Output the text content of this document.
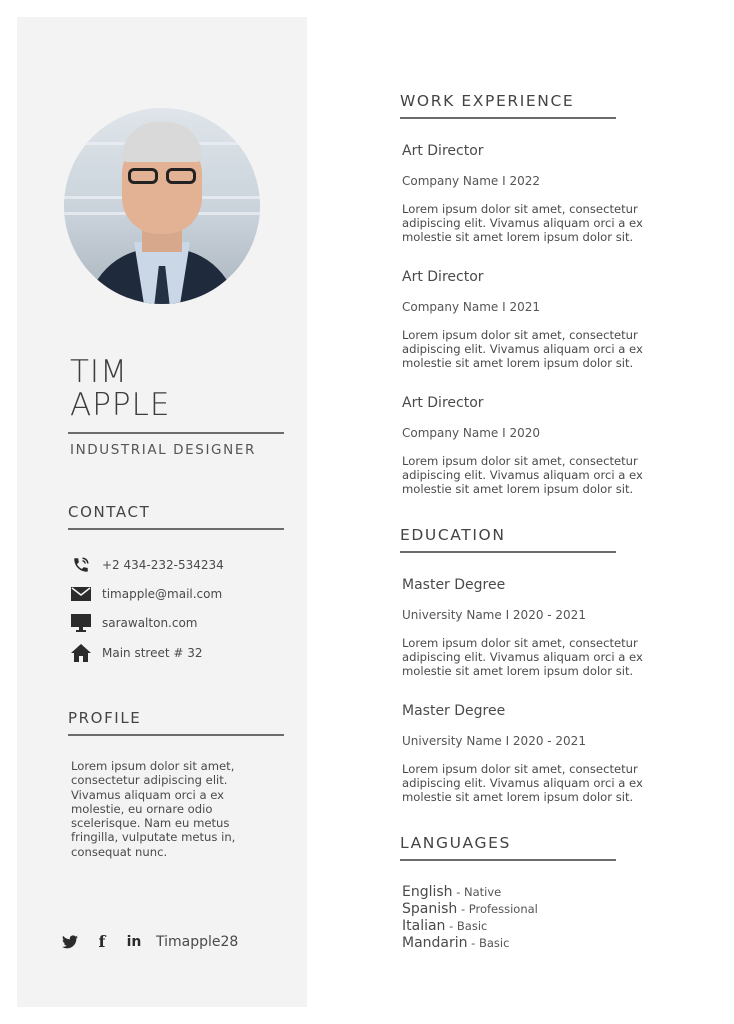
TIM
APPLE
INDUSTRIAL DESIGNER
CONTACT
+2 434-232-534234
timapple@mail.com
sarawalton.com
Main street # 32
PROFILE
Lorem ipsum dolor sit amet, consectetur adipiscing elit. Vivamus aliquam orci a ex molestie, eu ornare odio scelerisque. Nam eu metus fringilla, vulputate metus in, consequat nunc.
f	in Timapple28
WORK EXPERIENCE
Art Director
Company Name I 2022
Lorem ipsum dolor sit amet, consectetur adipiscing elit. Vivamus aliquam orci a ex molestie sit amet lorem ipsum dolor sit.
Art Director
Company Name I 2021
Lorem ipsum dolor sit amet, consectetur adipiscing elit. Vivamus aliquam orci a ex molestie sit amet lorem ipsum dolor sit.
Art Director
Company Name I 2020
Lorem ipsum dolor sit amet, consectetur adipiscing elit. Vivamus aliquam orci a ex molestie sit amet lorem ipsum dolor sit.
EDUCATION
Master Degree
University Name I 2020 - 2021
Lorem ipsum dolor sit amet, consectetur adipiscing elit. Vivamus aliquam orci a ex molestie sit amet lorem ipsum dolor sit.
Master Degree
University Name I 2020 - 2021
Lorem ipsum dolor sit amet, consectetur adipiscing elit. Vivamus aliquam orci a ex molestie sit amet lorem ipsum dolor sit.
LANGUAGES
English - Native
Spanish - Professional
Italian - Basic
Mandarin - Basic
